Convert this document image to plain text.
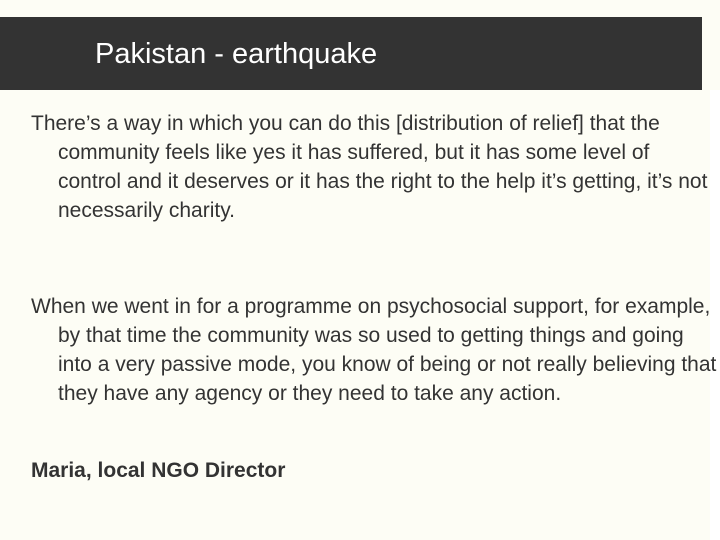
Pakistan - earthquake

There’s a way in which you can do this [distribution of relief] that the community feels like yes it has suffered, but it has some level of control and it deserves or it has the right to the help it’s getting, it’s not necessarily charity.

When we went in for a programme on psychosocial support, for example, by that time the community was so used to getting things and going into a very passive mode, you know of being or not really believing that they have any agency or they need to take any action.

Maria, local NGO Director
